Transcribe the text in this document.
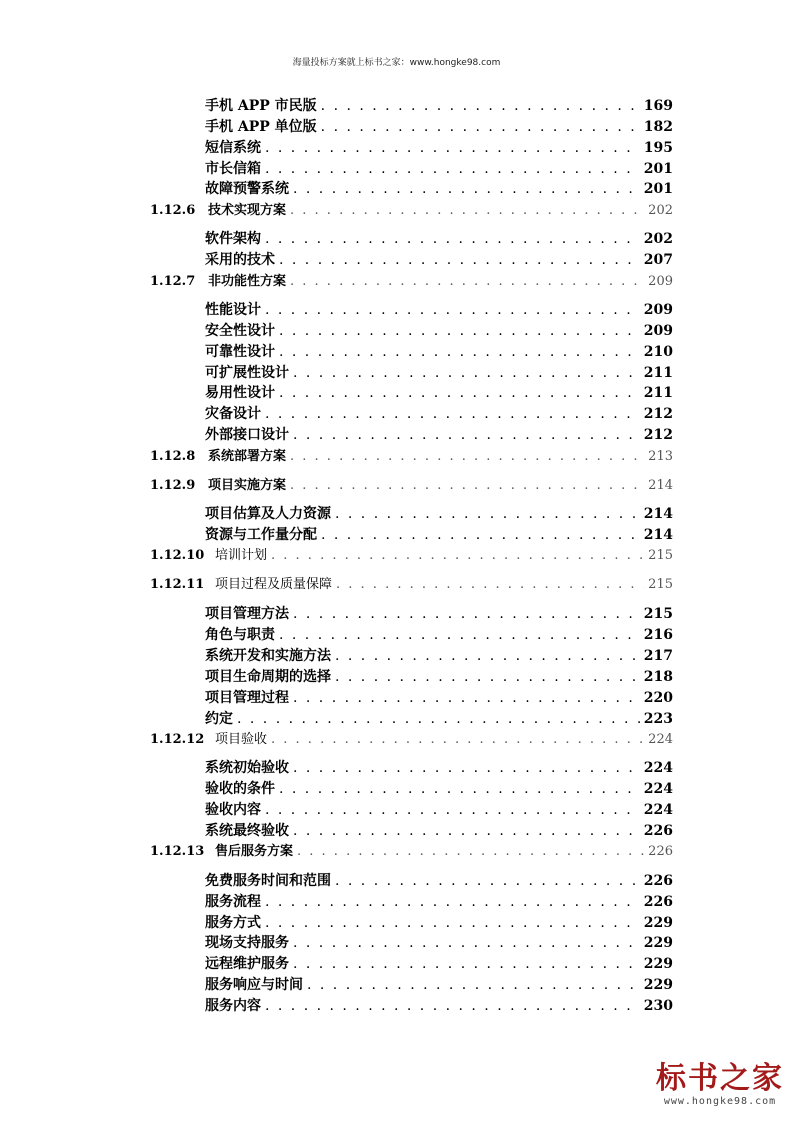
海量投标方案就上标书之家：www.hongke98.com
手机 APP 市民版 . . .	169
手机 APP 单位版 . . .	182
短信系统 . . .	195
市长信箱 . . .	201
故障预警系统 . . .	201
1.12.6 技术实现方案 . . .	202
软件架构 . . .	202
采用的技术 . . .	207
1.12.7 非功能性方案 . . .	209
性能设计 . . .	209
安全性设计 . . .	209
可靠性设计 . . .	210
可扩展性设计 . . .	211
易用性设计 . . .	211
灾备设计 . . .	212
外部接口设计 . . .	212
1.12.8 系统部署方案 . . .	213
1.12.9 项目实施方案 . . .	214
项目估算及人力资源 . . .	214
资源与工作量分配 . . .	214
1.12.10 培训计划 . . .	215
1.12.11 项目过程及质量保障 . . .	215
项目管理方法 . . .	215
角色与职责 . . .	216
系统开发和实施方法 . . .	217
项目生命周期的选择 . . .	218
项目管理过程 . . .	220
约定 . . .	223
1.12.12 项目验收 . . .	224
系统初始验收 . . .	224
验收的条件 . . .	224
验收内容 . . .	224
系统最终验收 . . .	226
1.12.13 售后服务方案 . . .	226
免费服务时间和范围 . . .	226
服务流程 . . .	226
服务方式 . . .	229
现场支持服务 . . .	229
远程维护服务 . . .	229
服务响应与时间 . . .	229
服务内容 . . .	230
标书之家
www.hongke98.com
